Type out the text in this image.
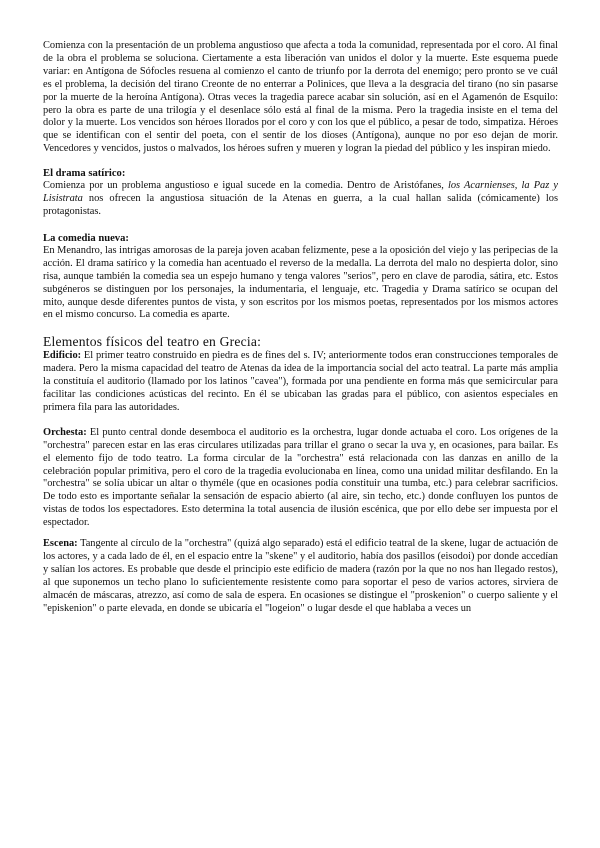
Comienza con la presentación de un problema angustioso que afecta a toda la comunidad, representada por el coro. Al final de la obra el problema se soluciona. Ciertamente a esta liberación van unidos el dolor y la muerte. Este esquema puede variar: en Antígona de Sófocles resuena al comienzo el canto de triunfo por la derrota del enemigo; pero pronto se ve cuál es el problema, la decisión del tirano Creonte de no enterrar a Polinices, que lleva a la desgracia del tirano (no sin pasarse por la muerte de la heroína Antígona). Otras veces la tragedia parece acabar sin solución, así en el Agamenón de Esquilo: pero la obra es parte de una trilogía y el desenlace sólo está al final de la misma. Pero la tragedia insiste en el tema del dolor y la muerte. Los vencidos son héroes llorados por el coro y con los que el público, a pesar de todo, simpatiza. Héroes que se identifican con el sentir del poeta, con el sentir de los dioses (Antígona), aunque no por eso dejan de morir. Vencedores y vencidos, justos o malvados, los héroes sufren y mueren y logran la piedad del público y les inspiran miedo.

El drama satírico:

Comienza por un problema angustioso e igual sucede en la comedia. Dentro de Aristófanes, los Acarnienses, la Paz y Lisistrata nos ofrecen la angustiosa situación de la Atenas en guerra, a la cual hallan salida (cómicamente) los protagonistas.

La comedia nueva:

En Menandro, las intrigas amorosas de la pareja joven acaban felizmente, pese a la oposición del viejo y las peripecias de la acción. El drama satírico y la comedia han acentuado el reverso de la medalla. La derrota del malo no despierta dolor, sino risa, aunque también la comedia sea un espejo humano y tenga valores "serios", pero en clave de parodia, sátira, etc. Estos subgéneros se distinguen por los personajes, la indumentaria, el lenguaje, etc. Tragedia y Drama satírico se ocupan del mito, aunque desde diferentes puntos de vista, y son escritos por los mismos poetas, representados por los mismos actores en el mismo concurso. La comedia es aparte.

Elementos físicos del teatro en Grecia:

Edificio: El primer teatro construido en piedra es de fines del s. IV; anteriormente todos eran construcciones temporales de madera. Pero la misma capacidad del teatro de Atenas da idea de la importancia social del acto teatral. La parte más amplia la constituía el auditorio (llamado por los latinos "cavea"), formada por una pendiente en forma más que semicircular para facilitar las condiciones acústicas del recinto. En él se ubicaban las gradas para el público, con asientos especiales en primera fila para las autoridades.

Orchesta: El punto central donde desemboca el auditorio es la orchestra, lugar donde actuaba el coro. Los orígenes de la "orchestra" parecen estar en las eras circulares utilizadas para trillar el grano o secar la uva y, en ocasiones, para bailar. Es el elemento fijo de todo teatro. La forma circular de la "orchestra" está relacionada con las danzas en anillo de la celebración popular primitiva, pero el coro de la tragedia evolucionaba en línea, como una unidad militar desfilando. En la "orchestra" se solía ubicar un altar o thyméle (que en ocasiones podía constituir una tumba, etc.) para celebrar sacrificios. De todo esto es importante señalar la sensación de espacio abierto (al aire, sin techo, etc.) donde confluyen los puntos de vistas de todos los espectadores. Esto determina la total ausencia de ilusión escénica, que por ello debe ser impuesta por el espectador.

Escena: Tangente al círculo de la "orchestra" (quizá algo separado) está el edificio teatral de la skene, lugar de actuación de los actores, y a cada lado de él, en el espacio entre la "skene" y el auditorio, había dos pasillos (eisodoi) por donde accedían y salían los actores. Es probable que desde el principio este edificio de madera (razón por la que no nos han llegado restos), al que suponemos un techo plano lo suficientemente resistente como para soportar el peso de varios actores, sirviera de almacén de máscaras, atrezzo, así como de sala de espera. En ocasiones se distingue el "proskenion" o cuerpo saliente y el "episkenion" o parte elevada, en donde se ubicaría el "logeion" o lugar desde el que hablaba a veces un
